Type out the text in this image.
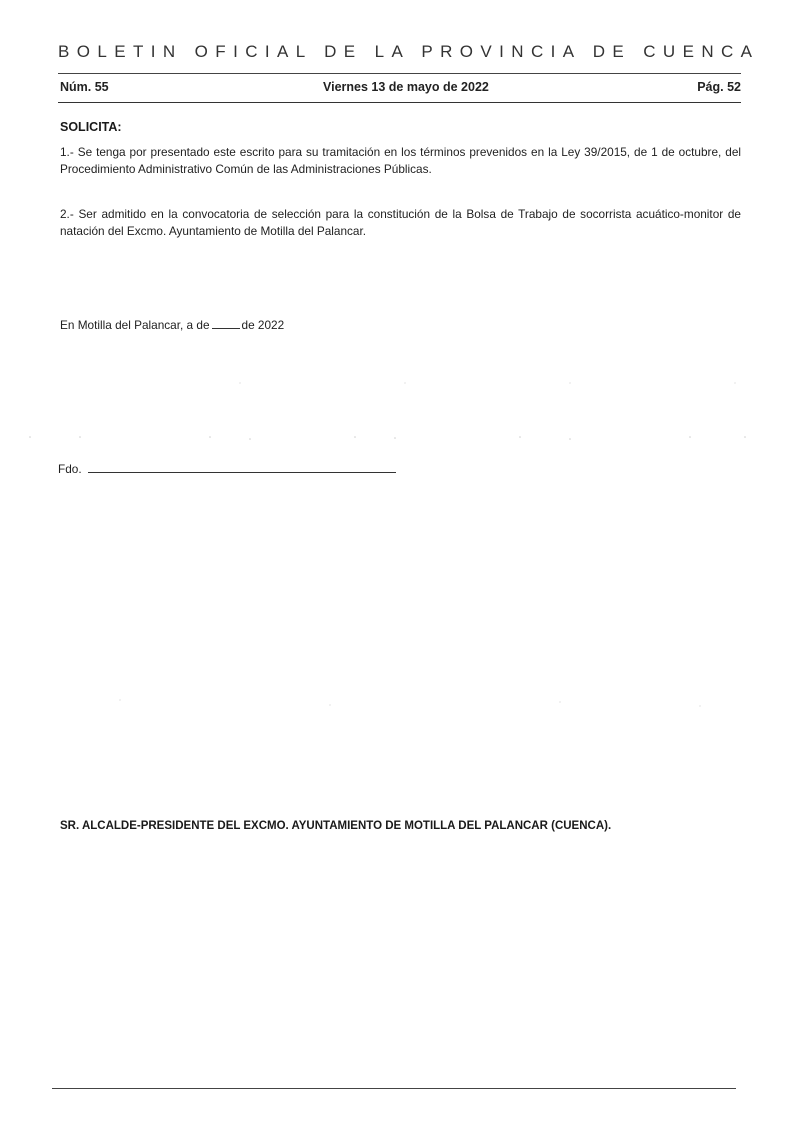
BOLETIN OFICIAL DE LA PROVINCIA DE CUENCA
Núm. 55	Viernes 13 de mayo de 2022	Pág. 52
SOLICITA:
1.- Se tenga por presentado este escrito para su tramitación en los términos prevenidos en la Ley 39/2015, de 1 de octubre, del Procedimiento Administrativo Común de las Administraciones Públicas.
2.- Ser admitido en la convocatoria de selección para la constitución de la Bolsa de Trabajo de socorrista acuático-monitor de natación del Excmo. Ayuntamiento de Motilla del Palancar.
En Motilla del Palancar, a de	de 2022
Fdo.
SR. ALCALDE-PRESIDENTE DEL EXCMO. AYUNTAMIENTO DE MOTILLA DEL PALANCAR (CUENCA).
